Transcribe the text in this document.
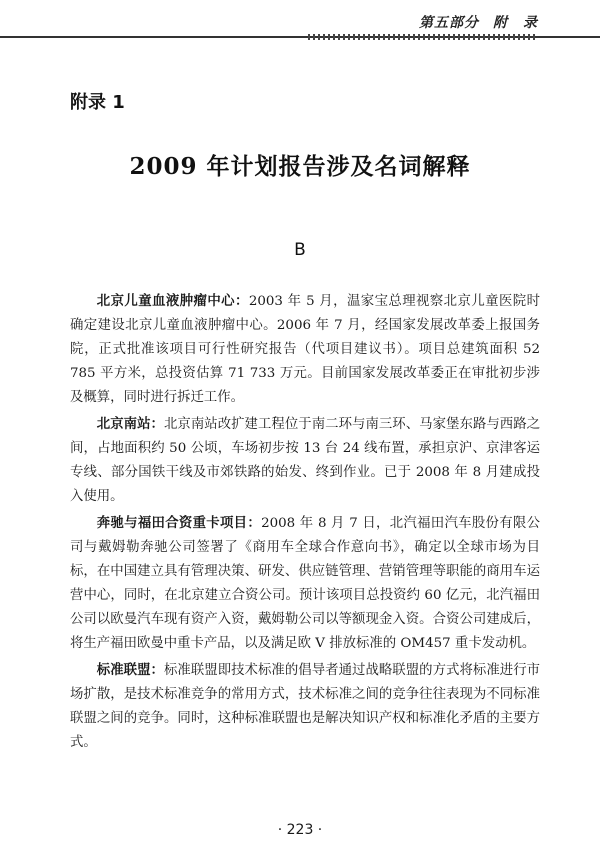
第五部分 附　录
附录 1
2009 年计划报告涉及名词解释
B

北京儿童血液肿瘤中心：2003 年 5 月，温家宝总理视察北京儿童医院时确定建设北京儿童血液肿瘤中心。2006 年 7 月，经国家发展改革委上报国务院，正式批准该项目可行性研究报告（代项目建议书）。项目总建筑面积 52 785 平方米，总投资估算 71 733 万元。目前国家发展改革委正在审批初步涉及概算，同时进行拆迁工作。

北京南站：北京南站改扩建工程位于南二环与南三环、马家堡东路与西路之间，占地面积约 50 公顷，车场初步按 13 台 24 线布置，承担京沪、京津客运专线、部分国铁干线及市郊铁路的始发、终到作业。已于 2008 年 8 月建成投入使用。

奔驰与福田合资重卡项目：2008 年 8 月 7 日，北汽福田汽车股份有限公司与戴姆勒奔驰公司签署了《商用车全球合作意向书》，确定以全球市场为目标，在中国建立具有管理决策、研发、供应链管理、营销管理等职能的商用车运营中心，同时，在北京建立合资公司。预计该项目总投资约 60 亿元，北汽福田公司以欧曼汽车现有资产入资，戴姆勒公司以等额现金入资。合资公司建成后，将生产福田欧曼中重卡产品，以及满足欧 V 排放标准的 OM457 重卡发动机。

标准联盟：标准联盟即技术标准的倡导者通过战略联盟的方式将标准进行市场扩散，是技术标准竞争的常用方式，技术标准之间的竞争往往表现为不同标准联盟之间的竞争。同时，这种标准联盟也是解决知识产权和标准化矛盾的主要方式。

· 223 ·
